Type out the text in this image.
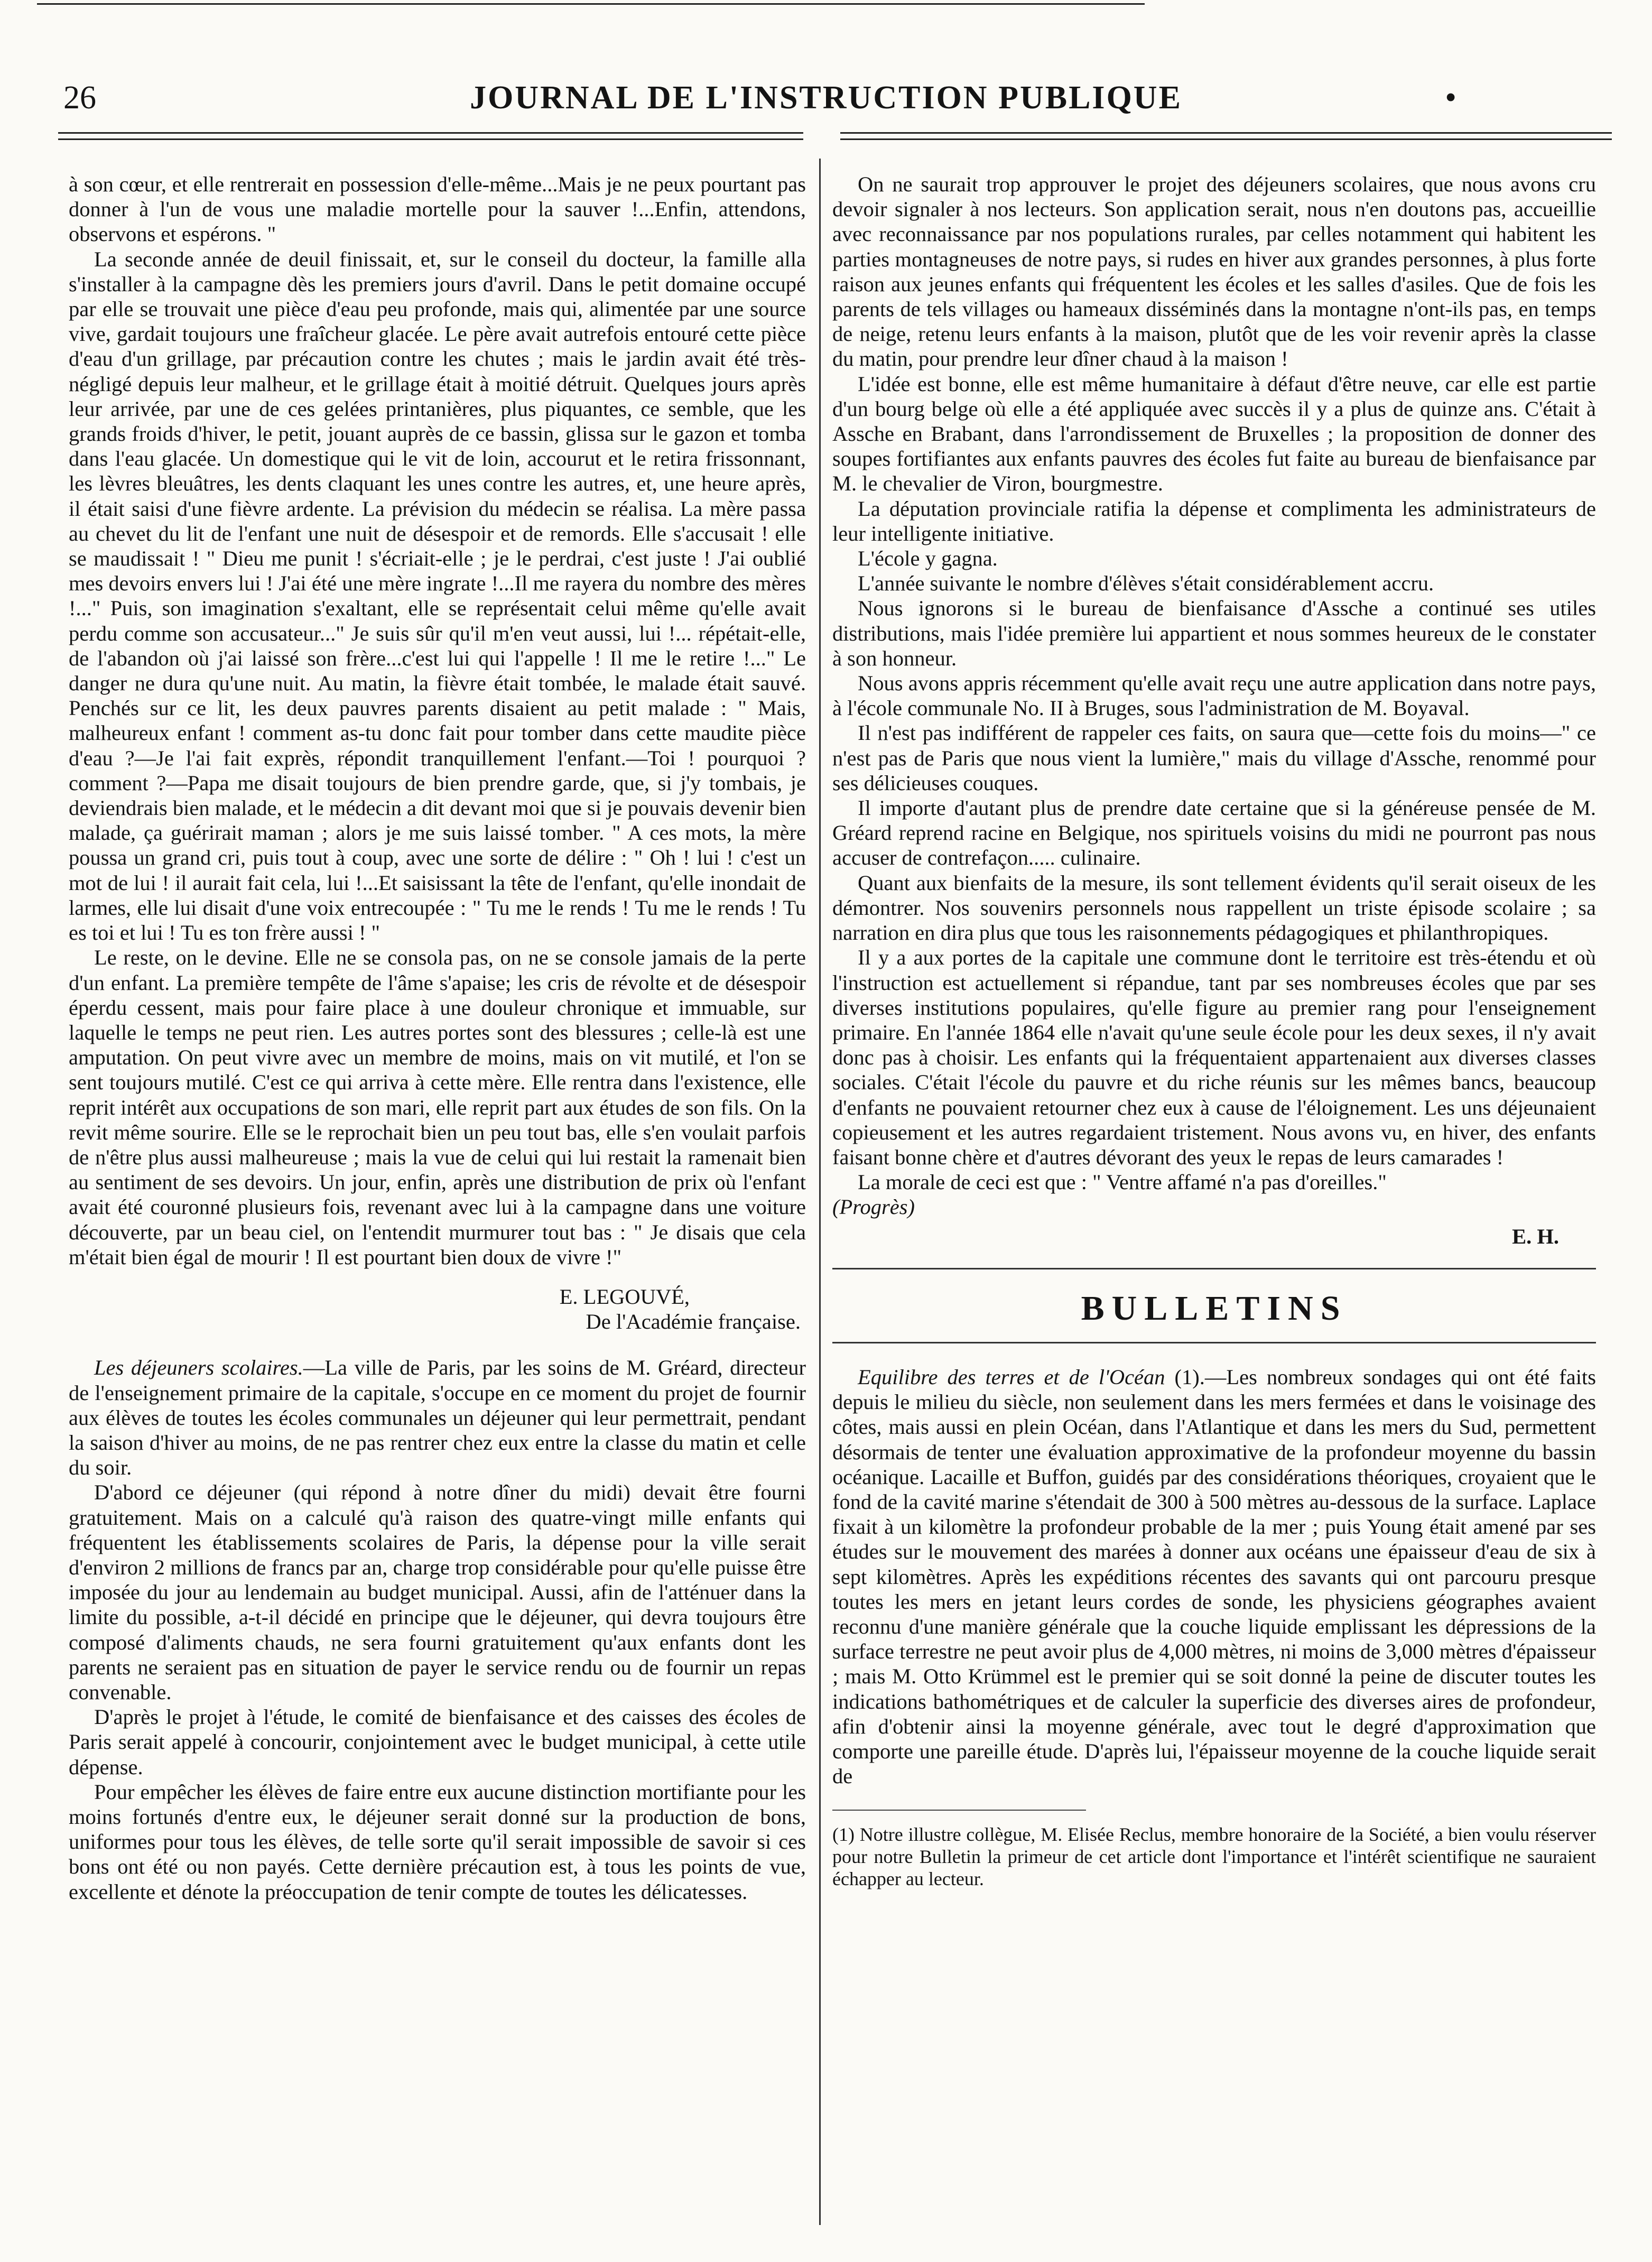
26	JOURNAL DE L'INSTRUCTION PUBLIQUE	•

à son cœur, et elle rentrerait en possession d'elle-même...Mais je ne peux pourtant pas donner à l'un de vous une maladie mortelle pour la sauver !...Enfin, attendons, observons et espérons. "

La seconde année de deuil finissait, et, sur le conseil du docteur, la famille alla s'installer à la campagne dès les premiers jours d'avril. Dans le petit domaine occupé par elle se trouvait une pièce d'eau peu profonde, mais qui, alimentée par une source vive, gardait toujours une fraîcheur glacée. Le père avait autrefois entouré cette pièce d'eau d'un grillage, par précaution contre les chutes ; mais le jardin avait été très-négligé depuis leur malheur, et le grillage était à moitié détruit. Quelques jours après leur arrivée, par une de ces gelées printanières, plus piquantes, ce semble, que les grands froids d'hiver, le petit, jouant auprès de ce bassin, glissa sur le gazon et tomba dans l'eau glacée. Un domestique qui le vit de loin, accourut et le retira frissonnant, les lèvres bleuâtres, les dents claquant les unes contre les autres, et, une heure après, il était saisi d'une fièvre ardente. La prévision du médecin se réalisa. La mère passa au chevet du lit de l'enfant une nuit de désespoir et de remords. Elle s'accusait ! elle se maudissait ! " Dieu me punit ! s'écriait-elle ; je le perdrai, c'est juste ! J'ai oublié mes devoirs envers lui ! J'ai été une mère ingrate !...Il me rayera du nombre des mères !..." Puis, son imagination s'exaltant, elle se représentait celui même qu'elle avait perdu comme son accusateur..." Je suis sûr qu'il m'en veut aussi, lui !... répétait-elle, de l'abandon où j'ai laissé son frère...c'est lui qui l'appelle ! Il me le retire !..." Le danger ne dura qu'une nuit. Au matin, la fièvre était tombée, le malade était sauvé. Penchés sur ce lit, les deux pauvres parents disaient au petit malade : " Mais, malheureux enfant ! comment as-tu donc fait pour tomber dans cette maudite pièce d'eau ?—Je l'ai fait exprès, répondit tranquillement l'enfant.—Toi ! pourquoi ? comment ?—Papa me disait toujours de bien prendre garde, que, si j'y tombais, je deviendrais bien malade, et le médecin a dit devant moi que si je pouvais devenir bien malade, ça guérirait maman ; alors je me suis laissé tomber. " A ces mots, la mère poussa un grand cri, puis tout à coup, avec une sorte de délire : " Oh ! lui ! c'est un mot de lui ! il aurait fait cela, lui !...Et saisissant la tête de l'enfant, qu'elle inondait de larmes, elle lui disait d'une voix entrecoupée : " Tu me le rends ! Tu me le rends ! Tu es toi et lui ! Tu es ton frère aussi ! "

Le reste, on le devine. Elle ne se consola pas, on ne se console jamais de la perte d'un enfant. La première tempête de l'âme s'apaise; les cris de révolte et de désespoir éperdu cessent, mais pour faire place à une douleur chronique et immuable, sur laquelle le temps ne peut rien. Les autres portes sont des blessures ; celle-là est une amputation. On peut vivre avec un membre de moins, mais on vit mutilé, et l'on se sent toujours mutilé. C'est ce qui arriva à cette mère. Elle rentra dans l'existence, elle reprit intérêt aux occupations de son mari, elle reprit part aux études de son fils. On la revit même sourire. Elle se le reprochait bien un peu tout bas, elle s'en voulait parfois de n'être plus aussi malheureuse ; mais la vue de celui qui lui restait la ramenait bien au sentiment de ses devoirs. Un jour, enfin, après une distribution de prix où l'enfant avait été couronné plusieurs fois, revenant avec lui à la campagne dans une voiture découverte, par un beau ciel, on l'entendit murmurer tout bas : " Je disais que cela m'était bien égal de mourir ! Il est pourtant bien doux de vivre !"

E. LEGOUVÉ,
De l'Académie française.

Les déjeuners scolaires.—La ville de Paris, par les soins de M. Gréard, directeur de l'enseignement primaire de la capitale, s'occupe en ce moment du projet de fournir aux élèves de toutes les écoles communales un déjeuner qui leur permettrait, pendant la saison d'hiver au moins, de ne pas rentrer chez eux entre la classe du matin et celle du soir.

D'abord ce déjeuner (qui répond à notre dîner du midi) devait être fourni gratuitement. Mais on a calculé qu'à raison des quatre-vingt mille enfants qui fréquentent les établissements scolaires de Paris, la dépense pour la ville serait d'environ 2 millions de francs par an, charge trop considérable pour qu'elle puisse être imposée du jour au lendemain au budget municipal. Aussi, afin de l'atténuer dans la limite du possible, a-t-il décidé en principe que le déjeuner, qui devra toujours être composé d'aliments chauds, ne sera fourni gratuitement qu'aux enfants dont les parents ne seraient pas en situation de payer le service rendu ou de fournir un repas convenable.

D'après le projet à l'étude, le comité de bienfaisance et des caisses des écoles de Paris serait appelé à concourir, conjointement avec le budget municipal, à cette utile dépense.

Pour empêcher les élèves de faire entre eux aucune distinction mortifiante pour les moins fortunés d'entre eux, le déjeuner serait donné sur la production de bons, uniformes pour tous les élèves, de telle sorte qu'il serait impossible de savoir si ces bons ont été ou non payés. Cette dernière précaution est, à tous les points de vue, excellente et dénote la préoccupation de tenir compte de toutes les délicatesses.

On ne saurait trop approuver le projet des déjeuners scolaires, que nous avons cru devoir signaler à nos lecteurs. Son application serait, nous n'en doutons pas, accueillie avec reconnaissance par nos populations rurales, par celles notamment qui habitent les parties montagneuses de notre pays, si rudes en hiver aux grandes personnes, à plus forte raison aux jeunes enfants qui fréquentent les écoles et les salles d'asiles. Que de fois les parents de tels villages ou hameaux disséminés dans la montagne n'ont-ils pas, en temps de neige, retenu leurs enfants à la maison, plutôt que de les voir revenir après la classe du matin, pour prendre leur dîner chaud à la maison !

L'idée est bonne, elle est même humanitaire à défaut d'être neuve, car elle est partie d'un bourg belge où elle a été appliquée avec succès il y a plus de quinze ans. C'était à Assche en Brabant, dans l'arrondissement de Bruxelles ; la proposition de donner des soupes fortifiantes aux enfants pauvres des écoles fut faite au bureau de bienfaisance par M. le chevalier de Viron, bourgmestre.

La députation provinciale ratifia la dépense et complimenta les administrateurs de leur intelligente initiative.

L'école y gagna.

L'année suivante le nombre d'élèves s'était considérablement accru.

Nous ignorons si le bureau de bienfaisance d'Assche a continué ses utiles distributions, mais l'idée première lui appartient et nous sommes heureux de le constater à son honneur.

Nous avons appris récemment qu'elle avait reçu une autre application dans notre pays, à l'école communale No. II à Bruges, sous l'administration de M. Boyaval.

Il n'est pas indifférent de rappeler ces faits, on saura que—cette fois du moins—" ce n'est pas de Paris que nous vient la lumière," mais du village d'Assche, renommé pour ses délicieuses couques.

Il importe d'autant plus de prendre date certaine que si la généreuse pensée de M. Gréard reprend racine en Belgique, nos spirituels voisins du midi ne pourront pas nous accuser de contrefaçon..... culinaire.

Quant aux bienfaits de la mesure, ils sont tellement évidents qu'il serait oiseux de les démontrer. Nos souvenirs personnels nous rappellent un triste épisode scolaire ; sa narration en dira plus que tous les raisonnements pédagogiques et philanthropiques.

Il y a aux portes de la capitale une commune dont le territoire est très-étendu et où l'instruction est actuellement si répandue, tant par ses nombreuses écoles que par ses diverses institutions populaires, qu'elle figure au premier rang pour l'enseignement primaire. En l'année 1864 elle n'avait qu'une seule école pour les deux sexes, il n'y avait donc pas à choisir. Les enfants qui la fréquentaient appartenaient aux diverses classes sociales. C'était l'école du pauvre et du riche réunis sur les mêmes bancs, beaucoup d'enfants ne pouvaient retourner chez eux à cause de l'éloignement. Les uns déjeunaient copieusement et les autres regardaient tristement. Nous avons vu, en hiver, des enfants faisant bonne chère et d'autres dévorant des yeux le repas de leurs camarades !

La morale de ceci est que : " Ventre affamé n'a pas d'oreilles."

(Progrès)

E. H.
BULLETINS

Equilibre des terres et de l'Océan (1).—Les nombreux sondages qui ont été faits depuis le milieu du siècle, non seulement dans les mers fermées et dans le voisinage des côtes, mais aussi en plein Océan, dans l'Atlantique et dans les mers du Sud, permettent désormais de tenter une évaluation approximative de la profondeur moyenne du bassin océanique. Lacaille et Buffon, guidés par des considérations théoriques, croyaient que le fond de la cavité marine s'étendait de 300 à 500 mètres au-dessous de la surface. Laplace fixait à un kilomètre la profondeur probable de la mer ; puis Young était amené par ses études sur le mouvement des marées à donner aux océans une épaisseur d'eau de six à sept kilomètres. Après les expéditions récentes des savants qui ont parcouru presque toutes les mers en jetant leurs cordes de sonde, les physiciens géographes avaient reconnu d'une manière générale que la couche liquide emplissant les dépressions de la surface terrestre ne peut avoir plus de 4,000 mètres, ni moins de 3,000 mètres d'épaisseur ; mais M. Otto Krümmel est le premier qui se soit donné la peine de discuter toutes les indications bathométriques et de calculer la superficie des diverses aires de profondeur, afin d'obtenir ainsi la moyenne générale, avec tout le degré d'approximation que comporte une pareille étude. D'après lui, l'épaisseur moyenne de la couche liquide serait de

(1) Notre illustre collègue, M. Elisée Reclus, membre honoraire de la Société, a bien voulu réserver pour notre Bulletin la primeur de cet article dont l'importance et l'intérêt scientifique ne sauraient échapper au lecteur.
